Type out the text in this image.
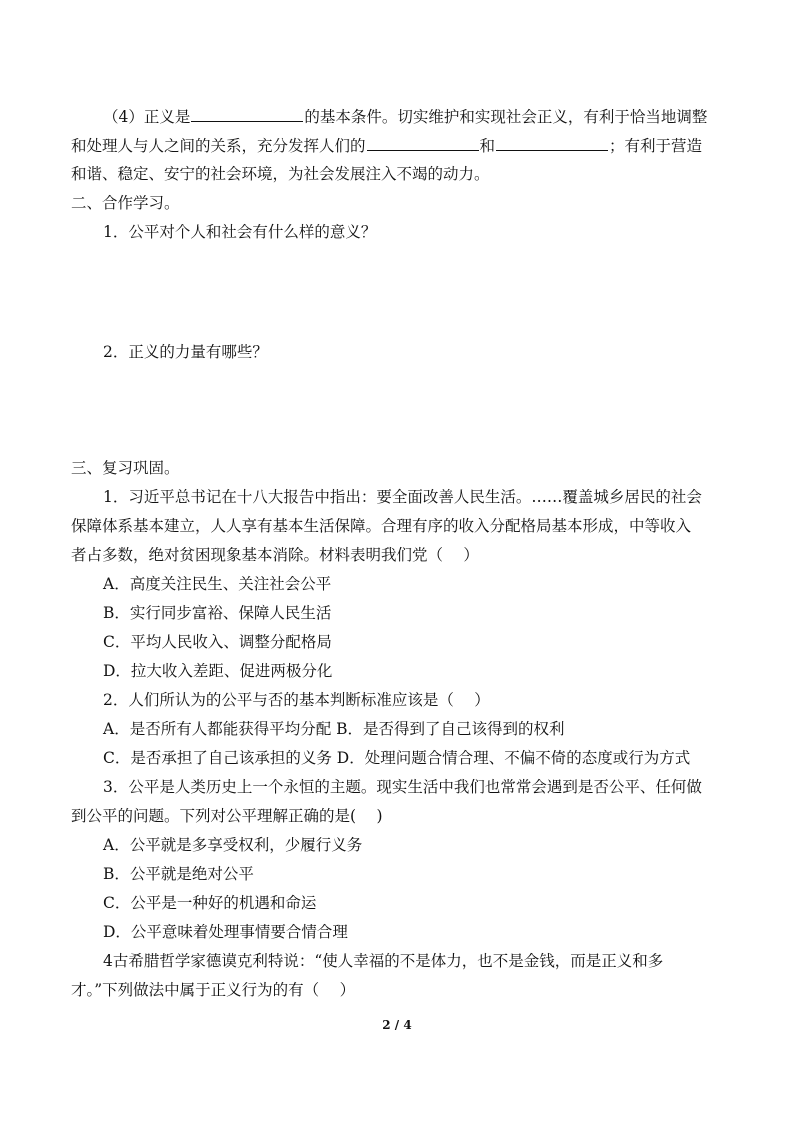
（4）正义是	的基本条件。切实维护和实现社会正义，有利于恰当地调整
和处理人与人之间的关系，充分发挥人们的	和	；有利于营造
和谐、稳定、安宁的社会环境，为社会发展注入不竭的动力。
二、合作学习。
1．公平对个人和社会有什么样的意义？
2．正义的力量有哪些？
三、复习巩固。
1．习近平总书记在十八大报告中指出：要全面改善人民生活。……覆盖城乡居民的社会
保障体系基本建立，人人享有基本生活保障。合理有序的收入分配格局基本形成，中等收入
者占多数，绝对贫困现象基本消除。材料表明我们党（　 ）
A．高度关注民生、关注社会公平
B．实行同步富裕、保障人民生活
C．平均人民收入、调整分配格局
D．拉大收入差距、促进两极分化
2．人们所认为的公平与否的基本判断标准应该是（　 ）
A．是否所有人都能获得平均分配 B．是否得到了自己该得到的权利
C．是否承担了自己该承担的义务 D．处理问题合情合理、不偏不倚的态度或行为方式
3．公平是人类历史上一个永恒的主题。现实生活中我们也常常会遇到是否公平、任何做
到公平的问题。下列对公平理解正确的是(　 )
A．公平就是多享受权利，少履行义务
B．公平就是绝对公平
C．公平是一种好的机遇和命运
D．公平意味着处理事情要合情合理
4古希腊哲学家德谟克利特说：“使人幸福的不是体力，也不是金钱，而是正义和多
才。”下列做法中属于正义行为的有（　 ）
2 / 4
